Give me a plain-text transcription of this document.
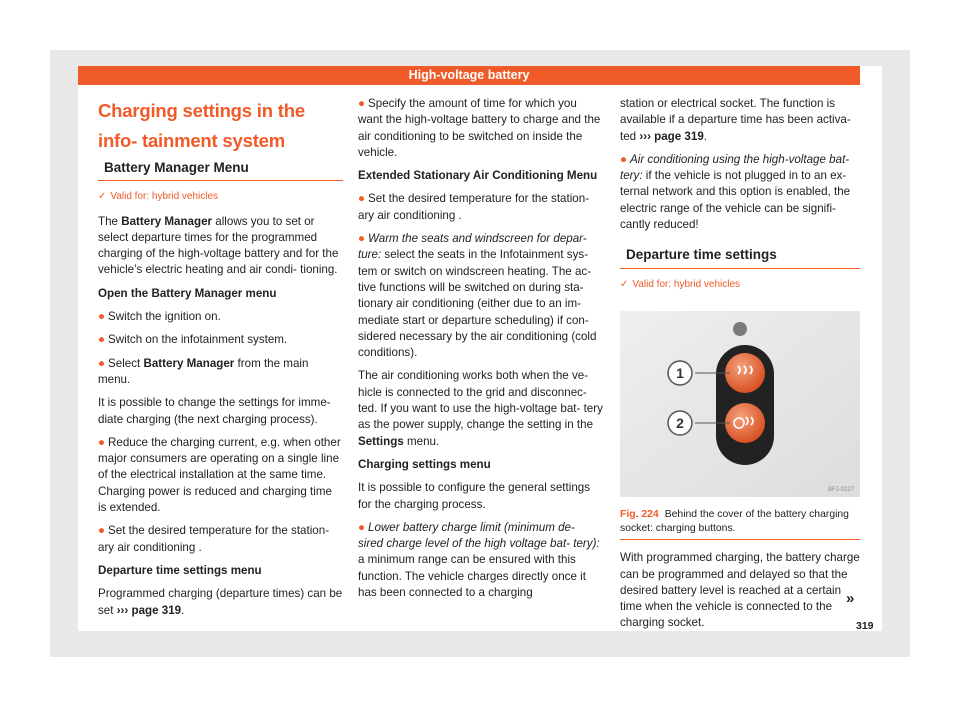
High-voltage battery
Charging settings in the info- tainment system
Battery Manager Menu
✓ Valid for: hybrid vehicles

The Battery Manager allows you to set or select departure times for the programmed charging of the high-voltage battery and for the vehicle’s electric heating and air condi- tioning.

Open the Battery Manager menu

● Switch the ignition on.

● Switch on the infotainment system.

● Select Battery Manager from the main menu.

It is possible to change the settings for imme- diate charging (the next charging process).

● Reduce the charging current, e.g. when other major consumers are operating on a single line of the electrical installation at the same time. Charging power is reduced and charging time is extended.

● Set the desired temperature for the station- ary air conditioning .

Departure time settings menu

Programmed charging (departure times) can be set ››› page 319.

● Specify the amount of time for which you want the high-voltage battery to charge and the air conditioning to be switched on inside the vehicle.

Extended Stationary Air Conditioning Menu

● Set the desired temperature for the station- ary air conditioning .

● Warm the seats and windscreen for depar- ture: select the seats in the Infotainment sys- tem or switch on windscreen heating. The ac- tive functions will be switched on during sta- tionary air conditioning (either due to an im- mediate start or departure scheduling) if con- sidered necessary by the air conditioning (cold conditions).

The air conditioning works both when the ve- hicle is connected to the grid and disconnec- ted. If you want to use the high-voltage bat- tery as the power supply, change the setting in the Settings menu.

Charging settings menu

It is possible to configure the general settings for the charging process.

● Lower battery charge limit (minimum de- sired charge level of the high voltage bat- tery): a minimum range can be ensured with this function. The vehicle charges directly once it has been connected to a charging

station or electrical socket. The function is available if a departure time has been activa- ted ››› page 319.

● Air conditioning using the high-voltage bat- tery: if the vehicle is not plugged in to an ex- ternal network and this option is enabled, the electric range of the vehicle can be signifi- cantly reduced!

Departure time settings
✓ Valid for: hybrid vehicles
1
2
BFJ-0227
Fig. 224 Behind the cover of the battery charging socket: charging buttons.

With programmed charging, the battery charge can be programmed and delayed so that the desired battery level is reached at a certain time when the vehicle is connected to the charging socket.

»
319
